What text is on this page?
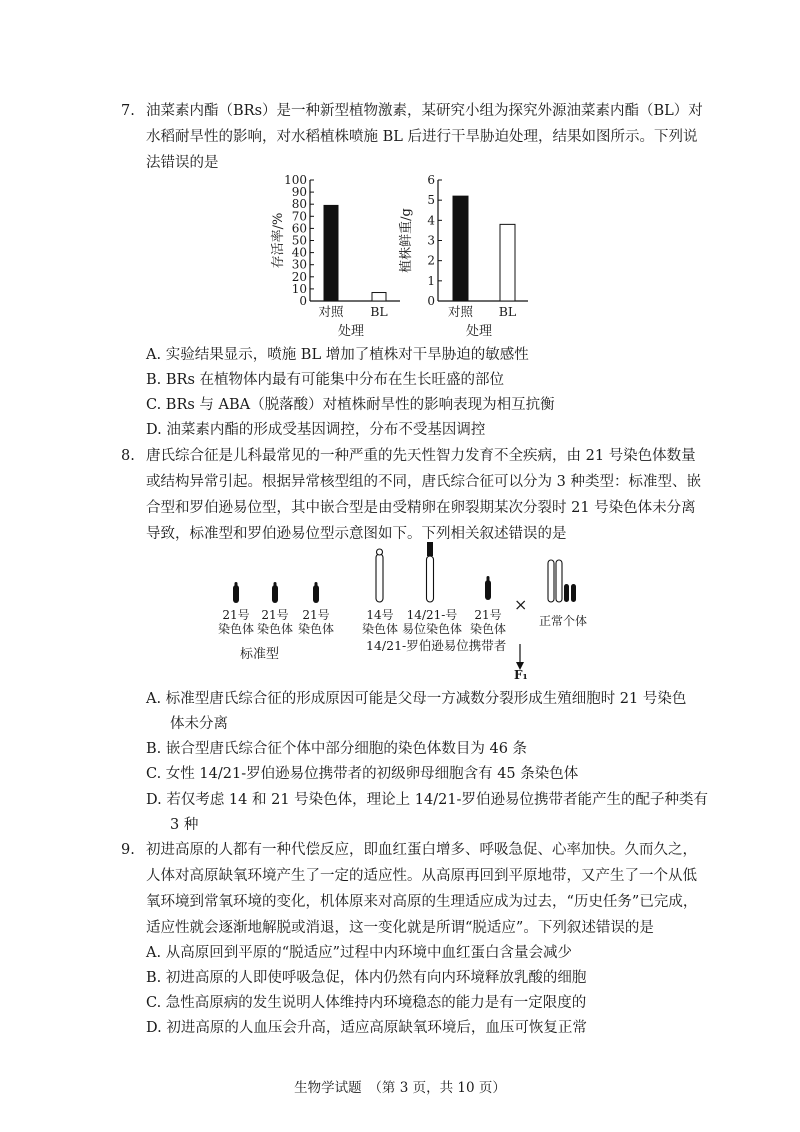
7. 油菜素内酯（BRs）是一种新型植物激素，某研究小组为探究外源油菜素内酯（BL）对
水稻耐旱性的影响，对水稻植株喷施 BL 后进行干旱胁迫处理，结果如图所示。下列说
法错误的是
0
10
20
30
40
50
60
70
80
90
100
对照 BL
处理
存活率/%
0
1
2
3
4
5
6
对照 BL
处理
植株鲜重/g
A. 实验结果显示，喷施 BL 增加了植株对干旱胁迫的敏感性
B. BRs 在植物体内最有可能集中分布在生长旺盛的部位
C. BRs 与 ABA（脱落酸）对植株耐旱性的影响表现为相互抗衡
D. 油菜素内酯的形成受基因调控，分布不受基因调控
8. 唐氏综合征是儿科最常见的一种严重的先天性智力发育不全疾病，由 21 号染色体数量
或结构异常引起。根据异常核型组的不同，唐氏综合征可以分为 3 种类型：标准型、嵌
合型和罗伯逊易位型，其中嵌合型是由受精卵在卵裂期某次分裂时 21 号染色体未分离
导致，标准型和罗伯逊易位型示意图如下。下列相关叙述错误的是
21号
染色体
21号
染色体
21号
染色体
标准型
14号
染色体
14/21-号
易位染色体
21号
染色体
14/21-罗伯逊易位携带者
×
正常个体
F₁
A. 标准型唐氏综合征的形成原因可能是父母一方减数分裂形成生殖细胞时 21 号染色
体未分离
B. 嵌合型唐氏综合征个体中部分细胞的染色体数目为 46 条
C. 女性 14/21-罗伯逊易位携带者的初级卵母细胞含有 45 条染色体
D. 若仅考虑 14 和 21 号染色体，理论上 14/21-罗伯逊易位携带者能产生的配子种类有
3 种
9. 初进高原的人都有一种代偿反应，即血红蛋白增多、呼吸急促、心率加快。久而久之，
人体对高原缺氧环境产生了一定的适应性。从高原再回到平原地带，又产生了一个从低
氧环境到常氧环境的变化，机体原来对高原的生理适应成为过去，“历史任务”已完成，
适应性就会逐渐地解脱或消退，这一变化就是所谓“脱适应”。下列叙述错误的是
A. 从高原回到平原的“脱适应”过程中内环境中血红蛋白含量会减少
B. 初进高原的人即使呼吸急促，体内仍然有向内环境释放乳酸的细胞
C. 急性高原病的发生说明人体维持内环境稳态的能力是有一定限度的
D. 初进高原的人血压会升高，适应高原缺氧环境后，血压可恢复正常
生物学试题　（第 3 页，共 10 页）
